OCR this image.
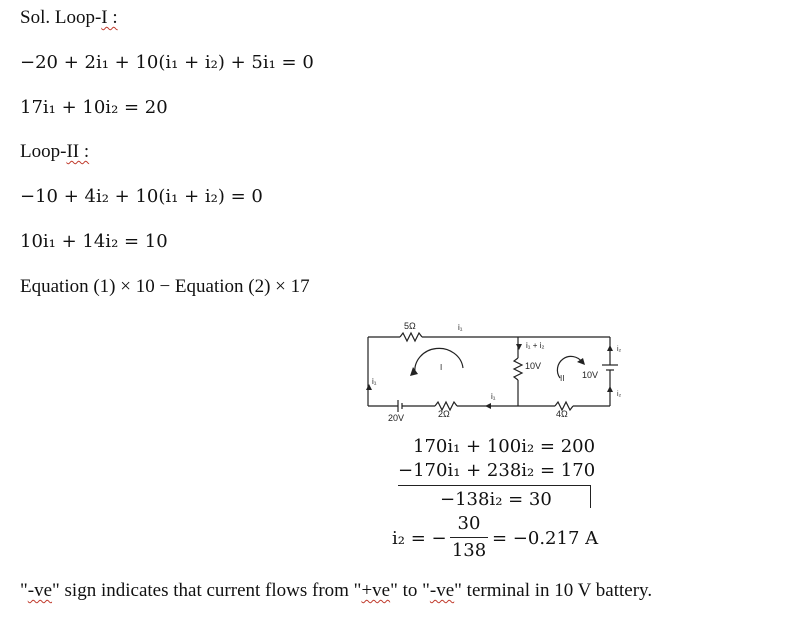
Sol. Loop-I :
−20 + 2i₁ + 10(i₁ + i₂) + 5i₁ = 0
17i₁ + 10i₂ = 20
Loop-II :
−10 + 4i₂ + 10(i₁ + i₂) = 0
10i₁ + 14i₂ = 10
Equation (1) × 10 − Equation (2) × 17
5Ω	i₁
i₁
i₁
i₁ + i₂	i₂
i₂
10V
10V
20V	2Ω	4Ω
I
II
170i₁ + 100i₂ = 200
−170i₁ + 238i₂ = 170
−138i₂ = 30
i₂ = −
30
138
= −0.217 A
"-ve" sign indicates that current flows from "+ve" to "-ve" terminal in 10 V battery.
